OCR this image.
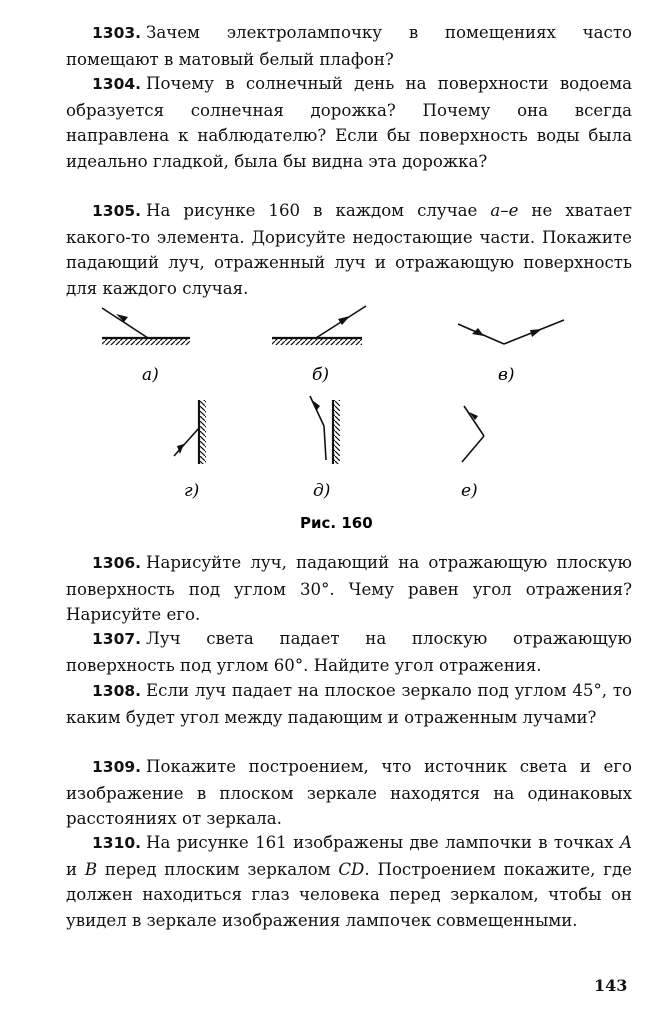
1303. Зачем электролампочку в помещениях часто помещают в матовый белый плафон?
1304. Почему в солнечный день на поверхности водоема образуется солнечная дорожка? Почему она всегда направлена к наблюдателю? Если бы поверхность воды была идеально гладкой, была бы видна эта дорожка?
1305. На рисунке 160 в каждом случае а–е не хватает какого-то элемента. Дорисуйте недостающие части. Покажите падающий луч, отраженный луч и отражающую поверхность для каждого случая.
а)	б)	в)
г)	д)	е)
Рис. 160
1306. Нарисуйте луч, падающий на отражающую плоскую поверхность под углом 30°. Чему равен угол отражения? Нарисуйте его.
1307. Луч света падает на плоскую отражающую поверхность под углом 60°. Найдите угол отражения.
1308. Если луч падает на плоское зеркало под углом 45°, то каким будет угол между падающим и отраженным лучами?
1309. Покажите построением, что источник света и его изображение в плоском зеркале находятся на одинаковых расстояниях от зеркала.
1310. На рисунке 161 изображены две лампочки в точках A и B перед плоским зеркалом CD. Построением покажите, где должен находиться глаз человека перед зеркалом, чтобы он увидел в зеркале изображения лампочек совмещенными.
143
